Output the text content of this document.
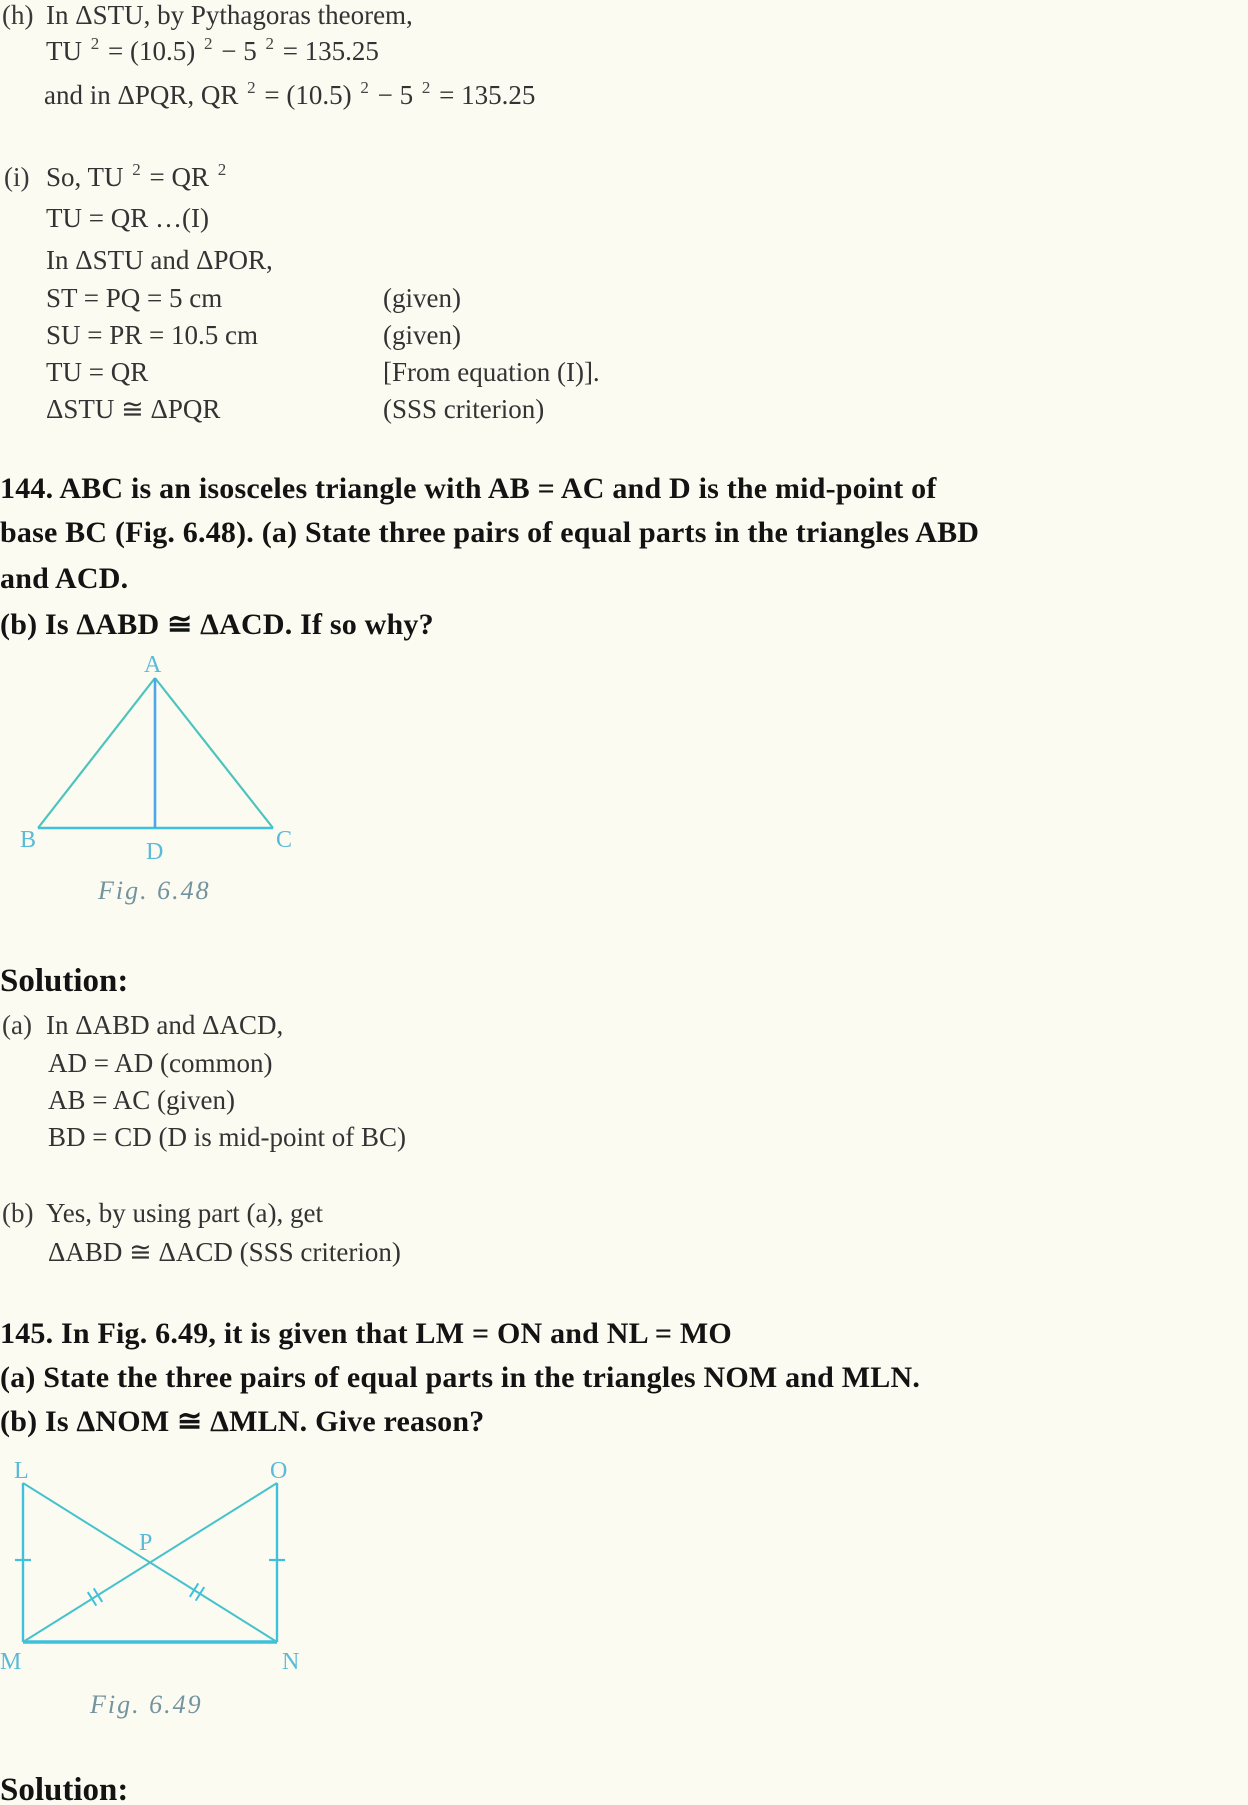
(h) In ΔSTU, by Pythagoras theorem,
TU $^2$ = (10.5) $^2$ − 5 $^2$ = 135.25
and in ΔPQR, QR $^2$ = (10.5) $^2$ − 5 $^2$ = 135.25
(i) So, TU $^2$ = QR $^2$
TU = QR …(I)
In ΔSTU and ΔPOR,
ST = PQ = 5 cm	(given)
SU = PR = 10.5 cm	(given)
TU = QR	[From equation (I)].
ΔSTU ≅ ΔPQR	(SSS criterion)
144. ABC is an isosceles triangle with AB = AC and D is the mid-point of
base BC (Fig. 6.48). (a) State three pairs of equal parts in the triangles ABD
and ACD.
(b) Is ΔABD ≅ ΔACD. If so why?
A
B	C
D
Fig. 6.48
Solution:
(a) In ΔABD and ΔACD,
AD = AD (common)
AB = AC (given)
BD = CD (D is mid-point of BC)
(b) Yes, by using part (a), get
ΔABD ≅ ΔACD (SSS criterion)
145. In Fig. 6.49, it is given that LM = ON and NL = MO
(a) State the three pairs of equal parts in the triangles NOM and MLN.
(b) Is ΔNOM ≅ ΔMLN. Give reason?
L	O
M	N
P
Fig. 6.49
Solution:
